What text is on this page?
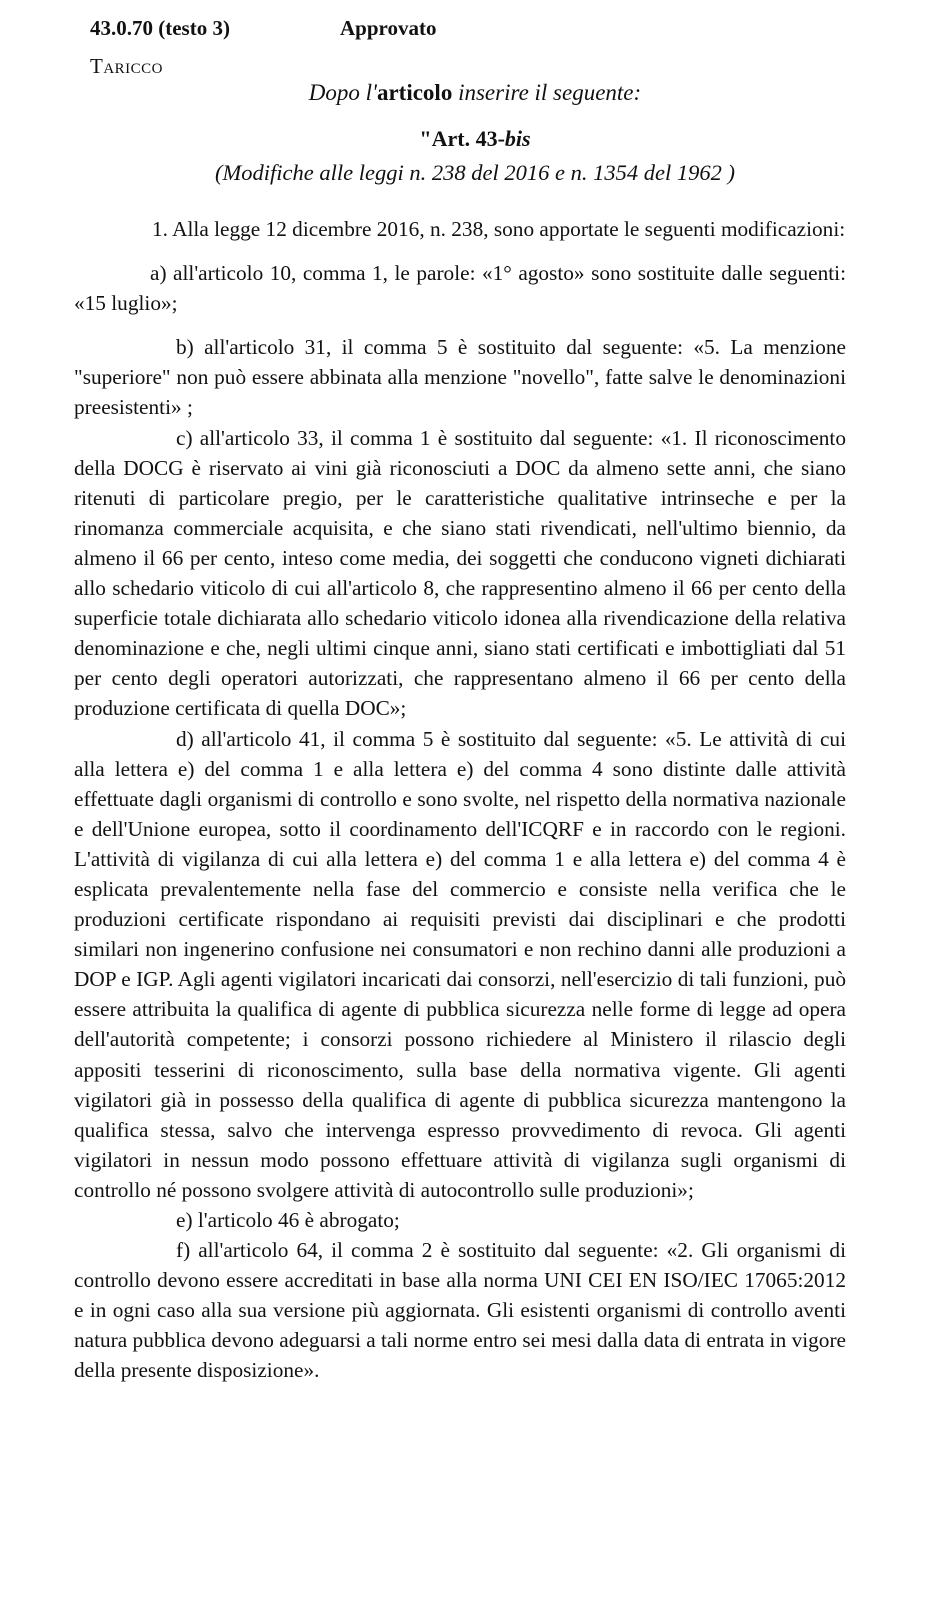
43.0.70 (testo 3)	Approvato
Taricco
Dopo l'articolo inserire il seguente:
"Art. 43-bis
(Modifiche alle leggi n. 238 del 2016 e n. 1354 del 1962 )

1. Alla legge 12 dicembre 2016, n. 238, sono apportate le seguenti modificazioni:

a) all'articolo 10, comma 1, le parole: «1° agosto» sono sostituite dalle seguenti: «15 luglio»;

b) all'articolo 31, il comma 5 è sostituito dal seguente: «5. La menzione "superiore" non può essere abbinata alla menzione "novello", fatte salve le denominazioni preesistenti» ;

c) all'articolo 33, il comma 1 è sostituito dal seguente: «1. Il riconoscimento della DOCG è riservato ai vini già riconosciuti a DOC da almeno sette anni, che siano ritenuti di particolare pregio, per le caratteristiche qualitative intrinseche e per la rinomanza commerciale acquisita, e che siano stati rivendicati, nell'ultimo biennio, da almeno il 66 per cento, inteso come media, dei soggetti che conducono vigneti dichiarati allo schedario viticolo di cui all'articolo 8, che rappresentino almeno il 66 per cento della superficie totale dichiarata allo schedario viticolo idonea alla rivendicazione della relativa denominazione e che, negli ultimi cinque anni, siano stati certificati e imbottigliati dal 51 per cento degli operatori autorizzati, che rappresentano almeno il 66 per cento della produzione certificata di quella DOC»;

d) all'articolo 41, il comma 5 è sostituito dal seguente: «5. Le attività di cui alla lettera e) del comma 1 e alla lettera e) del comma 4 sono distinte dalle attività effettuate dagli organismi di controllo e sono svolte, nel rispetto della normativa nazionale e dell'Unione europea, sotto il coordinamento dell'ICQRF e in raccordo con le regioni. L'attività di vigilanza di cui alla lettera e) del comma 1 e alla lettera e) del comma 4 è esplicata prevalentemente nella fase del commercio e consiste nella verifica che le produzioni certificate rispondano ai requisiti previsti dai disciplinari e che prodotti similari non ingenerino confusione nei consumatori e non rechino danni alle produzioni a DOP e IGP. Agli agenti vigilatori incaricati dai consorzi, nell'esercizio di tali funzioni, può essere attribuita la qualifica di agente di pubblica sicurezza nelle forme di legge ad opera dell'autorità competente; i consorzi possono richiedere al Ministero il rilascio degli appositi tesserini di riconoscimento, sulla base della normativa vigente. Gli agenti vigilatori già in possesso della qualifica di agente di pubblica sicurezza mantengono la qualifica stessa, salvo che intervenga espresso provvedimento di revoca. Gli agenti vigilatori in nessun modo possono effettuare attività di vigilanza sugli organismi di controllo né possono svolgere attività di autocontrollo sulle produzioni»;

e) l'articolo 46 è abrogato;

f) all'articolo 64, il comma 2 è sostituito dal seguente: «2. Gli organismi di controllo devono essere accreditati in base alla norma UNI CEI EN ISO/IEC 17065:2012 e in ogni caso alla sua versione più aggiornata. Gli esistenti organismi di controllo aventi natura pubblica devono adeguarsi a tali norme entro sei mesi dalla data di entrata in vigore della presente disposizione».
